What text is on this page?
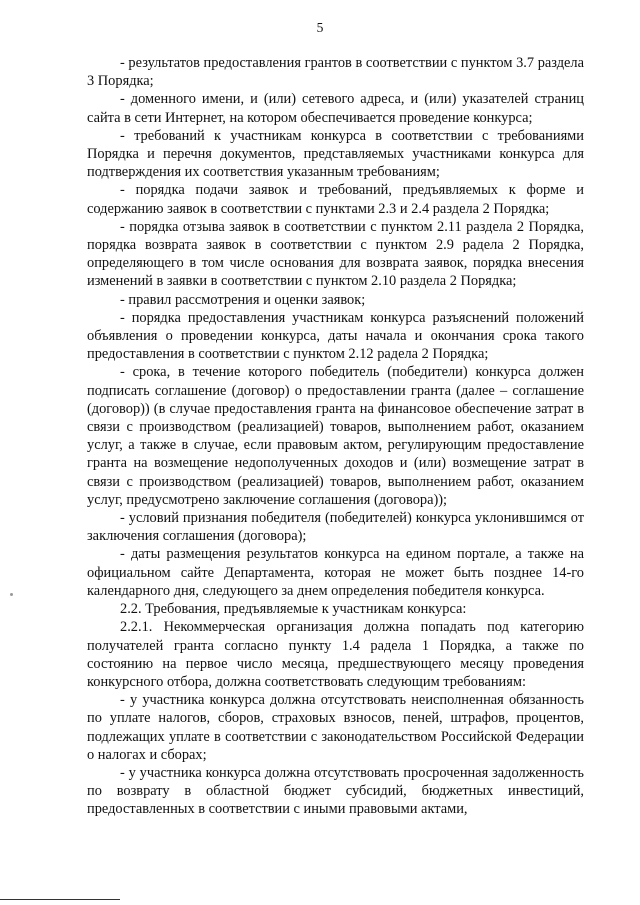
5

- результатов предоставления грантов в соответствии с пунктом 3.7 раздела 3 Порядка;

- доменного имени, и (или) сетевого адреса, и (или) указателей страниц сайта в сети Интернет, на котором обеспечивается проведение конкурса;

- требований к участникам конкурса в соответствии с требованиями Порядка и перечня документов, представляемых участниками конкурса для подтверждения их соответствия указанным требованиям;

- порядка подачи заявок и требований, предъявляемых к форме и содержанию заявок в соответствии с пунктами 2.3 и 2.4 раздела 2 Порядка;

- порядка отзыва заявок в соответствии с пунктом 2.11 раздела 2 Порядка, порядка возврата заявок в соответствии с пунктом 2.9 радела 2 Порядка, определяющего в том числе основания для возврата заявок, порядка внесения изменений в заявки в соответствии с пунктом 2.10 раздела 2 Порядка;

- правил рассмотрения и оценки заявок;

- порядка предоставления участникам конкурса разъяснений положений объявления о проведении конкурса, даты начала и окончания срока такого предоставления в соответствии с пунктом 2.12 радела 2 Порядка;

- срока, в течение которого победитель (победители) конкурса должен подписать соглашение (договор) о предоставлении гранта (далее – соглашение (договор)) (в случае предоставления гранта на финансовое обеспечение затрат в связи с производством (реализацией) товаров, выполнением работ, оказанием услуг, а также в случае, если правовым актом, регулирующим предоставление гранта на возмещение недополученных доходов и (или) возмещение затрат в связи с производством (реализацией) товаров, выполнением работ, оказанием услуг, предусмотрено заключение соглашения (договора));

- условий признания победителя (победителей) конкурса уклонившимся от заключения соглашения (договора);

- даты размещения результатов конкурса на едином портале, а также на официальном сайте Департамента, которая не может быть позднее 14-го календарного дня, следующего за днем определения победителя конкурса.

2.2. Требования, предъявляемые к участникам конкурса:

2.2.1. Некоммерческая организация должна попадать под категорию получателей гранта согласно пункту 1.4 радела 1 Порядка, а также по состоянию на первое число месяца, предшествующего месяцу проведения конкурсного отбора, должна соответствовать следующим требованиям:

- у участника конкурса должна отсутствовать неисполненная обязанность по уплате налогов, сборов, страховых взносов, пеней, штрафов, процентов, подлежащих уплате в соответствии с законодательством Российской Федерации о налогах и сборах;

- у участника конкурса должна отсутствовать просроченная задолженность по возврату в областной бюджет субсидий, бюджетных инвестиций, предоставленных в соответствии с иными правовыми актами,
